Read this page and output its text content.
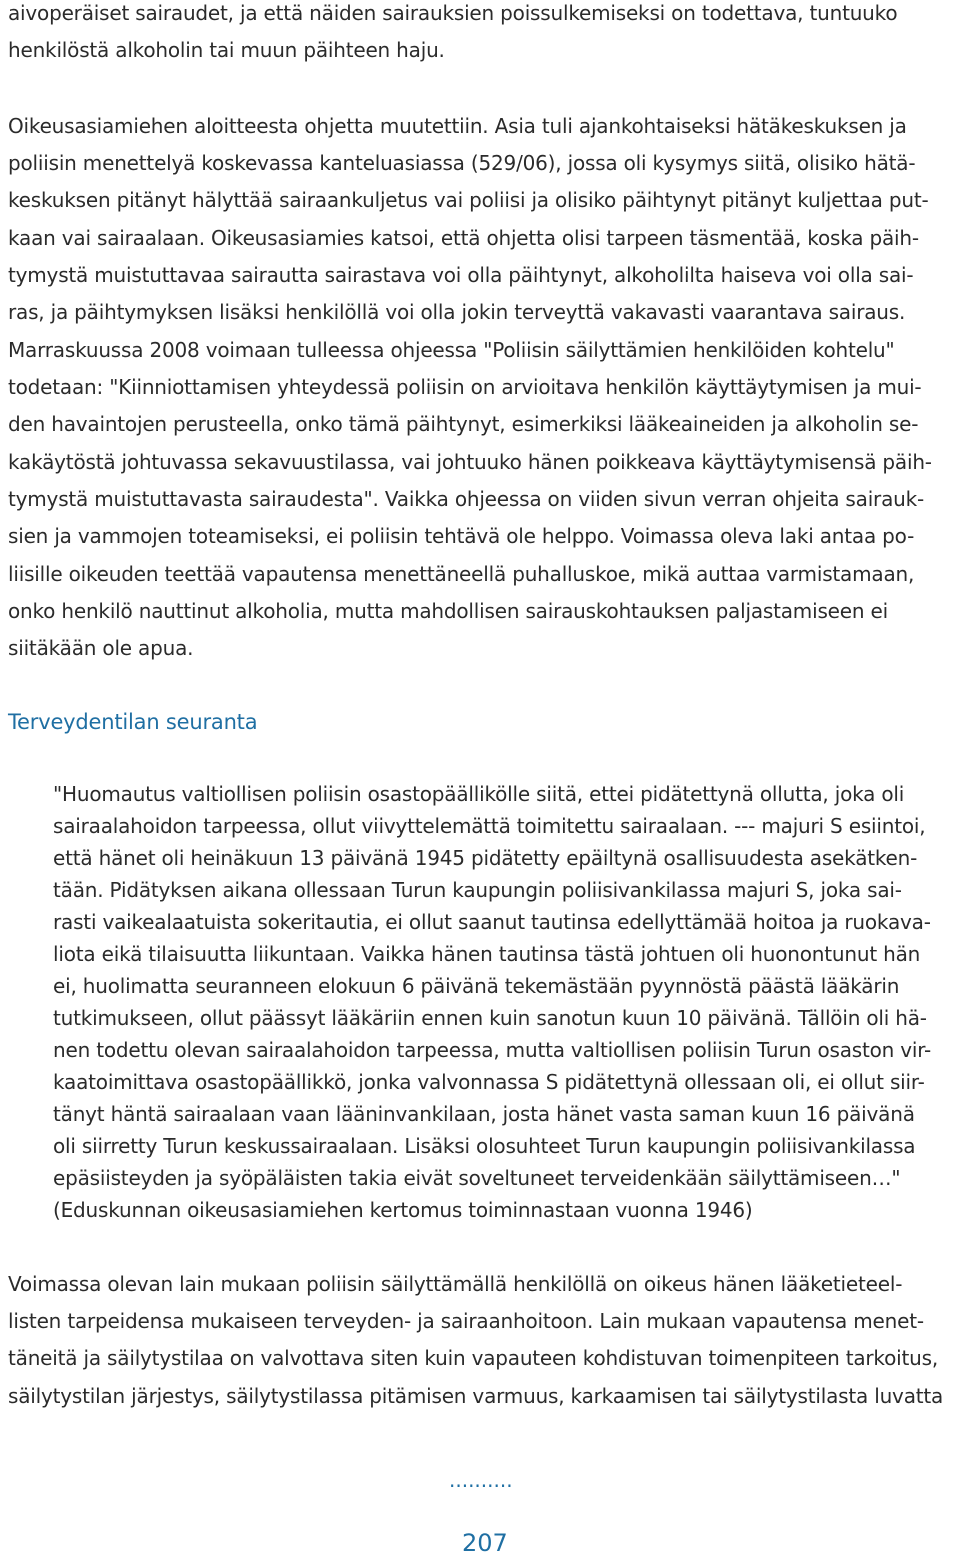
aivoperäiset sairaudet, ja että näiden sairauksien poissulkemiseksi on todettava, tuntuuko
henkilöstä alkoholin tai muun päihteen haju.
Oikeusasiamiehen aloitteesta ohjetta muutettiin. Asia tuli ajankohtaiseksi hätäkeskuksen ja
poliisin menettelyä koskevassa kanteluasiassa (529/06), jossa oli kysymys siitä, olisiko hätä-
keskuksen pitänyt hälyttää sairaankuljetus vai poliisi ja olisiko päihtynyt pitänyt kuljettaa put-
kaan vai sairaalaan. Oikeusasiamies katsoi, että ohjetta olisi tarpeen täsmentää, koska päih-
tymystä muistuttavaa sairautta sairastava voi olla päihtynyt, alkoholilta haiseva voi olla sai-
ras, ja päihtymyksen lisäksi henkilöllä voi olla jokin terveyttä vakavasti vaarantava sairaus.
Marraskuussa 2008 voimaan tulleessa ohjeessa "Poliisin säilyttämien henkilöiden kohtelu"
todetaan: "Kiinniottamisen yhteydessä poliisin on arvioitava henkilön käyttäytymisen ja mui-
den havaintojen perusteella, onko tämä päihtynyt, esimerkiksi lääkeaineiden ja alkoholin se-
kakäytöstä johtuvassa sekavuustilassa, vai johtuuko hänen poikkeava käyttäytymisensä päih-
tymystä muistuttavasta sairaudesta". Vaikka ohjeessa on viiden sivun verran ohjeita sairauk-
sien ja vammojen toteamiseksi, ei poliisin tehtävä ole helppo. Voimassa oleva laki antaa po-
liisille oikeuden teettää vapautensa menettäneellä puhalluskoe, mikä auttaa varmistamaan,
onko henkilö nauttinut alkoholia, mutta mahdollisen sairauskohtauksen paljastamiseen ei
siitäkään ole apua.
Terveydentilan seuranta
"Huomautus valtiollisen poliisin osastopäällikölle siitä, ettei pidätettynä ollutta, joka oli
sairaalahoidon tarpeessa, ollut viivyttelemättä toimitettu sairaalaan. --- majuri S esiintoi,
että hänet oli heinäkuun 13 päivänä 1945 pidätetty epäiltynä osallisuudesta asekätken-
tään. Pidätyksen aikana ollessaan Turun kaupungin poliisivankilassa majuri S, joka sai-
rasti vaikealaatuista sokeritautia, ei ollut saanut tautinsa edellyttämää hoitoa ja ruokava-
liota eikä tilaisuutta liikuntaan. Vaikka hänen tautinsa tästä johtuen oli huonontunut hän
ei, huolimatta seuranneen elokuun 6 päivänä tekemästään pyynnöstä päästä lääkärin
tutkimukseen, ollut päässyt lääkäriin ennen kuin sanotun kuun 10 päivänä. Tällöin oli hä-
nen todettu olevan sairaalahoidon tarpeessa, mutta valtiollisen poliisin Turun osaston vir-
kaatoimittava osastopäällikkö, jonka valvonnassa S pidätettynä ollessaan oli, ei ollut siir-
tänyt häntä sairaalaan vaan lääninvankilaan, josta hänet vasta saman kuun 16 päivänä
oli siirretty Turun keskussairaalaan. Lisäksi olosuhteet Turun kaupungin poliisivankilassa
epäsiisteyden ja syöpäläisten takia eivät soveltuneet terveidenkään säilyttämiseen…"
(Eduskunnan oikeusasiamiehen kertomus toiminnastaan vuonna 1946)
Voimassa olevan lain mukaan poliisin säilyttämällä henkilöllä on oikeus hänen lääketieteel-
listen tarpeidensa mukaiseen terveyden- ja sairaanhoitoon. Lain mukaan vapautensa menet-
täneitä ja säilytystilaa on valvottava siten kuin vapauteen kohdistuvan toimenpiteen tarkoitus,
säilytystilan järjestys, säilytystilassa pitämisen varmuus, karkaamisen tai säilytystilasta luvatta
..........
207
